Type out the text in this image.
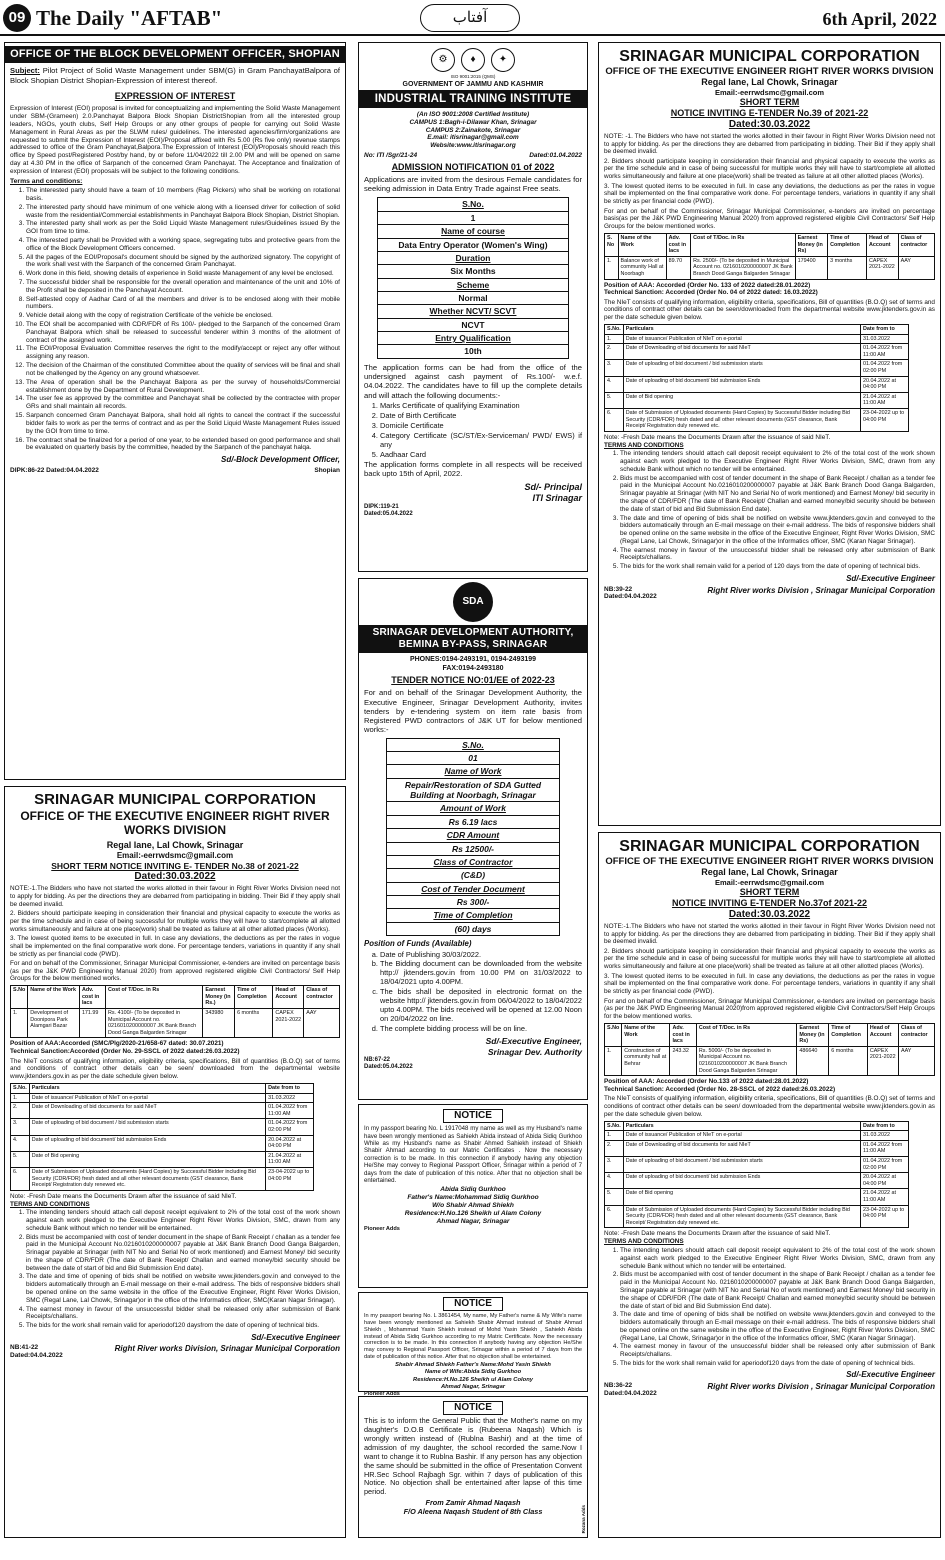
09 The Daily "AFTAB"	آفتاب	6th April, 2022
OFFICE OF THE BLOCK DEVELOPMENT OFFICER, SHOPIAN

Subject: Pilot Project of Solid Waste Management under SBM(G) in Gram PanchayatBalpora of Block Shopian District Shopian-Expression of interest thereof.

EXPRESSION OF INTEREST

Expression of Interest (EOI) proposal is invited for conceptualizing and implementing the Solid Waste Management under SBM-(Grameen) 2.0.Panchayat Balpora Block Shopian DistrictShopian from all the interested group leaders, NGOs, youth clubs, Self Help Groups or any other groups of people for carrying out Solid Waste Management in Rural Areas as per the SLWM rules/ guidelines. The interested agencies/firm/organizations are requested to submit the Expression of Interest (EOI)/Proposal affixed with Rs 5.00 (Rs five only) revenue stamps addressed to office of the Gram Panchayat,Balpora.The Expression of Interest (EOI)/Proposals should reach this office by Speed post/Registered Post/by hand, by or before 11/04/2022 till 2.00 PM and will be opened on same day at 4.30 PM in the office of Sarpanch of the concerned Gram Panchayat. The Acceptance and finalization of expression of Interest (EOI) proposals will be subject to the following conditions.

Terms and conditions:
1. The interested party should have a team of 10 members (Rag Pickers) who shall be working on rotational basis.
2. The interested party should have minimum of one vehicle along with a licensed driver for collection of solid waste from the residential/Commercial establishments in Panchayat Balpora Block Shopian, District Shopian.
3. The interested party shall work as per the Solid Liquid Waste Management rules/Guidelines issued By the GOI from time to time.
4. The interested party shall be Provided with a working space, segregating tubs and protective gears from the office of the Block Development Officers concerned.
5. All the pages of the EOI/Proposal's document should be signed by the authorized signatory. The copyright of the work shall vest with the Sarpanch of the concerned Gram Panchayat.
6. Work done in this field, showing details of experience in Solid waste Management of any level be enclosed.
7. The successful bidder shall be responsible for the overall operation and maintenance of the unit and 10% of the Profit shall be deposited in the Panchayat Account.
8. Self-attested copy of Aadhar Card of all the members and driver is to be enclosed along with their mobile numbers.
9. Vehicle detail along with the copy of registration Certificate of the vehicle be enclosed.
10. The EOI shall be accompanied with CDR/FDR of Rs 100/- pledged to the Sarpanch of the concerned Gram Panchayat Balpora which shall be released to successful tenderer within 3 months of the allotment of contract of the assigned work.
11. The EOI/Proposal Evaluation Committee reserves the right to the modify/accept or reject any offer without assigning any reason.
12. The decision of the Chairman of the constituted Committee about the quality of services will be final and shall not be challenged by the Agency on any ground whatsoever.
13. The Area of operation shall be the Panchayat Balpora as per the survey of households/Commercial establishment done by the Department of Rural Development.
14. The user fee as approved by the committee and Panchayat shall be collected by the contractee with proper GRs and shall maintain all records.
15. Sarpanch concerned Gram Panchayat Balpora, shall hold all rights to cancel the contract if the successful bidder fails to work as per the terms of contract and as per the Solid Liquid Waste Management Rules issued by the GOI from time to time.
16. The contract shall be finalized for a period of one year, to be extended based on good performance and shall be evaluated on quarterly basis by the committee, headed by the Sarpanch of the panchayat halqa.
Sd/-Block Development Officer,
DIPK:86-22 Dated:04.04.2022	Shopian
⚙	♦	✦
ISO 9001:2015 (QMS)
GOVERNMENT OF JAMMU AND KASHMIR
INDUSTRIAL TRAINING INSTITUTE
(An ISO 9001:2008 Certified Institute)
CAMPUS 1:Bagh-i-Dilawar Khan, Srinagar
CAMPUS 2:Zainakote, Srinagar
E.mail: itisrinagar@gmail.com
Website:www.itisrinagar.org
No: ITI /Sgr/21-24	Dated:01.04.2022
ADMISSION NOTIFICATION 01 of 2022

Applications are invited from the desirous Female candidates for seeking admission in Data Entry Trade against Free seats.

S.No.
1
Name of course
Data Entry Operator (Women's Wing)
Duration
Six Months
Scheme
Normal
Whether NCVT/ SCVT
NCVT
Entry Qualification
10th

The application forms can be had from the office of the undersigned against cash payment of Rs.100/- w.e.f. 04.04.2022. The candidates have to fill up the complete details and will attach the following documents:-

1. Marks Certificate of qualifying Examination
2. Date of Birth Certificate
3. Domicile Certificate
4. Category Certificate (SC/ST/Ex-Serviceman/ PWD/ EWS) if any
5. Aadhaar Card

The application forms complete in all respects will be received back upto 15th of April, 2022.

Sd/- Principal
ITI Srinagar
DIPK:119-21
Dated:05.04.2022
SDA
SRINAGAR DEVELOPMENT AUTHORITY, BEMINA BY-PASS, SRINAGAR
PHONES:0194-2493191, 0194-2493199
FAX:0194-2493180
TENDER NOTICE NO:01/EE of 2022-23

For and on behalf of the Srinagar Development Authority, the Executive Engineer, Srinagar Development Authority, invites tenders by e-tendering system on item rate basis from Registered PWD contractors of J&K UT for below mentioned works:-

S.No.
01
Name of Work
Repair/Restoration of SDA Gutted Building at Noorbagh, Srinagar
Amount of Work
Rs 6.19 lacs
CDR Amount
Rs 12500/-
Class of Contractor
(C&D)
Cost of Tender Document
Rs 300/-
Time of Completion
(60) days
Position of Funds (Available)
a. Date of Publishing 30/03/2022.
b. The Bidding document can be downloaded from the website http:// jktenders.gov.in from 10.00 PM on 31/03/2022 to 18/04/2021 upto 4.00PM.
c. The bids shall be deposited in electronic format on the website http:// jktenders.gov.in from 06/04/2022 to 18/04/2022 upto 4.00PM. The bids received will be opened at 12.00 Noon on 20/04/2022 on line.
d. The complete bidding process will be on line.
Sd/-Executive Engineer,
Srinagar Dev. Authority
NB:67-22
Dated:05.04.2022
NOTICE

In my passport bearing No. L 1917048 my name as well as my Husband's name have been wrongly mentioned as Sahiekh Abida instead of Abida Sidiq Gurkhoo While as my Husband's name as Shabir Ahmed Sahiekh instead of Shiekh Shabir Ahmad according to our Matric Certificates . Now the necessary correction is to be made. In this connection if anybody having any objection He/She may convey to Regional Passport Officer, Srinagar within a period of 7 days from the date of publication of this notice. After that no objection shall be entertained.

Abida Sidiq Gurkhoo
Father's Name:Mohammad Sidiq Gurkhoo
W/o Shabir Ahmad Shiekh
Residence:H.No.126 Sheikh ul Alam Colony
Ahmad Nagar, Srinagar
Pioneer Adds
NOTICE

In my passport bearing No. L 3861454, My name, My Father's name & My Wife's name have been wrongly mentioned as Sahiekh Shabir Ahmad instead of Shabir Ahmad Shiekh , Mohammad Yasin Shiekh instead of Mohd Yasin Shiekh , Sahiekh Abida instead of Abida Sidiq Gurkhoo according to my Matric Certificate. Now the necessary correction is to be made. In this connection if anybody having any objection He/She may convey to Regional Passport Officer, Srinagar within a period of 7 days from the date of publication of this notice. After that no objection shall be entertained.

Shabir Ahmad Shiekh Father's Name:Mohd Yasin Shiekh
Name of Wife:Abida Sidiq Gurkhoo
Residence:H.No.126 Sheikh ul Alam Colony
Ahmad Nagar, Srinagar
Pioneer Adds
NOTICE

This is to inform the General Public that the Mother's name on my daughter's D.O.B Certificate is (Rubeena Naqash) Which is wrongly written instead of (Rublna Bashir) and at the time of admission of my daughter, the school recorded the same.Now I want to change it to Rublna Bashir. If any person has any objection the same should be submitted in the office of Presentation Convent HR.Sec School Rajbagh Sgr. within 7 days of publication of this Notice. No objection shall be entertained after lapse of this time period.

From Zamir Ahmad Naqash
F/O Aleena Naqash Student of 8th Class	Rozana Adds
SRINAGAR MUNICIPAL CORPORATION
OFFICE OF THE EXECUTIVE ENGINEER RIGHT RIVER WORKS DIVISION
Regal lane, Lal Chowk, Srinagar
Email:-eerrwdsmc@gmail.com
SHORT TERM NOTICE INVITING E- TENDER No.38 of 2021-22
Dated:30.03.2022

NOTE:-1.The Bidders who have not started the works allotted in their favour in Right River Works Division need not to apply for bidding. As per the directions they are debarred from participating in bidding. Their Bid if they apply shall be deemed invalid.

2. Bidders should participate keeping in consideration their financial and physical capacity to execute the works as per the time schedule and in case of being successful for multiple works they will have to start/complete all allotted works simultaneously and failure at one place(work) shall be treated as failure at all other allotted places (Works).

3. The lowest quoted items to be executed in full. In case any deviations, the deductions as per the rates in vogue shall be implemented on the final comparative work done. For percentage tenders, variations in quantity if any shall be strictly as per financial code (PWD).

For and on behalf of the Commissioner, Srinagar Municipal Commissioner, e-tenders are invited on percentage basis (as per the J&K PWD Engineering Manual 2020) from approved registered eligible Civil Contractors/ Self Help Groups for the below mentioned works.

S.No	Name of the Work	Adv. cost in lacs	Cost of T/Doc. in Rs	Earnest Money (in Rs.)	Time of Completion	Head of Account	Class of contractor
1.	Development of Doonipora Park Alamgari Bazar	171.99	Rs. 4100/- (To be deposited in Municipal Account no. 0216010200000007 JK Bank Branch Dood Ganga Balgarden Srinagar	343980	6 months	CAPEX 2021-2022	AAY
Position of AAA:Accorded (SMC/Plg/2020-21/658-67 dated: 30.07.2021)
Technical Sanction:Accorded (Order No. 29-SSCL of 2022 dated:26.03.2022)

The NIeT consists of qualifying information, eligibility criteria, specifications, Bill of quantities (B.O.Q) set of terms and conditions of contract other details can be seen/ downloaded from the departmental website www.jktenders.gov.in as per the date schedule given below.

S.No.	Particulars	Date from to
1.	Date of issuance/ Publication of NIeT on e-portal	31.03.2022
2.	Date of Downloading of bid documents for said NIeT	01.04.2022 from 11:00 AM
3.	Date of uploading of bid document / bid submission starts	01.04.2022 from 02:00 PM
4.	Date of uploading of bid document/ bid submission Ends	20.04.2022 at 04:00 PM
5.	Date of Bid opening	21.04.2022 at 11:00 AM
6.	Date of Submission of Uploaded documents (Hard Copies) by Successful Bidder including Bid Security (CDR/FDR) fresh dated and all other relevant documents (GST clearance, Bank Receipt/ Registration duly renewed etc.	23-04-2022 up to 04:00 PM
Note: -Fresh Date means the Documents Drawn after the issuance of said NIeT.
TERMS AND CONDITIONS
1. The intending tenders should attach call deposit receipt equivalent to 2% of the total cost of the work shown against each work pledged to the Executive Engineer Right River Works Division, SMC, drawn from any schedule Bank without which no tender will be entertained.
2. Bids must be accompanied with cost of tender document in the shape of Bank Receipt / challan as a tender fee paid in the Municipal Account No.0216010200000007 payable at J&K Bank Branch Dood Ganga Balgarden, Srinagar payable at Srinagar (with NIT No and Serial No of work mentioned) and Earnest Money/ bid security in the shape of CDR/FDR (The date of Bank Receipt/ Challan and earned money/bid security should be between the date of start of bid and Bid Submission End date).
3. The date and time of opening of bids shall be notified on website www.jktenders.gov.in and conveyed to the bidders automatically through an E-mail message on their e-mail address. The bids of responsive bidders shall be opened online on the same website in the office of the Executive Engineer, Right River Works Division, SMC (Regal Lane, Lal Chowk, Srinagar)or in the office of the Informatics officer, SMC(Karan Nagar Srinagar).
4. The earnest money in favour of the unsuccessful bidder shall be released only after submission of Bank Receipts/challans.
5. The bids for the work shall remain valid for aperiodof120 daysfrom the date of opening of technical bids.
Sd/-Executive Engineer
NB:41-22
Dated:04.04.2022
Right River works Division, Srinagar Municipal Corporation
SRINAGAR MUNICIPAL CORPORATION
OFFICE OF THE EXECUTIVE ENGINEER RIGHT RIVER WORKS DIVISION
Regal lane, Lal Chowk, Srinagar
Email:-eerrwdsmc@gmail.com
SHORT TERM
NOTICE INVITING E-TENDER No.39 of 2021-22
Dated:30.03.2022

NOTE: -1. The Bidders who have not started the works allotted in their favour in Right River Works Division need not to apply for bidding. As per the directions they are debarred from participating in bidding. Their Bid if they apply shall be deemed invalid.

2. Bidders should participate keeping in consideration their financial and physical capacity to execute the works as per the time schedule and in case of being successful for multiple works they will have to start/complete all allotted works simultaneously and failure at one place(work) shall be treated as failure at all other allotted places (Works).

3. The lowest quoted items to be executed in full. In case any deviations, the deductions as per the rates in vogue shall be implemented on the final comparative work done. For percentage tenders, variations in quantity if any shall be strictly as per financial code (PWD).

For and on behalf of the Commissioner, Srinagar Municipal Commissioner, e-tenders are invited on percentage basis(as per the J&K PWD Engineering Manual 2020) from approved registered eligible Civil Contractors/ Self Help Groups for the below mentioned works.

S. No	Name of the Work	Adv. cost in lacs	Cost of T/Doc. in Rs	Earnest Money (in Rs)	Time of Completion	Head of Account	Class of contractor
1.	Balance work of community Hall at Noorbagh	89.70	Rs. 2500/- (To be deposited in Municipal Account no. 0216010200000007 JK Bank Branch Dood Ganga Balgarden Srinagar	179400	3 months	CAPEX 2021-2022	AAY
Position of AAA: Accorded (Order No. 133 of 2022 dated:28.01.2022)
Technical Sanction: Accorded (Order No. 04 of 2022 dated: 16.03.2022)

The NIeT consists of qualifying information, eligibility criteria, specifications, Bill of quantities (B.O.Q) set of terms and conditions of contract other details can be seen/downloaded from the departmental website www.jktenders.gov.in as per the date schedule given below.

S.No.	Particulars	Date from to
1.	Date of issuance/ Publication of NIeT on e-portal	31.03.2022
2.	Date of Downloading of bid documents for said NIeT	01.04.2022 from 11:00 AM
3.	Date of uploading of bid document / bid submission starts	01.04.2022 from 02:00 PM
4.	Date of uploading of bid document/ bid submission Ends	20.04.2022 at 04:00 PM
5.	Date of Bid opening	21.04.2022 at 11:00 AM
6.	Date of Submission of Uploaded documents (Hard Copies) by Successful Bidder including Bid Security (CDR/FDR) fresh dated and all other relevant documents (GST clearance, Bank Receipt/ Registration duly renewed etc.	23-04-2022 up to 04:00 PM
Note: -Fresh Date means the Documents Drawn after the issuance of said NIeT.
TERMS AND CONDITIONS
1. The intending tenders should attach call deposit receipt equivalent to 2% of the total cost of the work shown against each work pledged to the Executive Engineer Right River Works Division, SMC, drawn from any schedule Bank without which no tender will be entertained.
2. Bids must be accompanied with cost of tender document in the shape of Bank Receipt / challan as a tender fee paid in the Municipal Account No.0216010200000007 payable at J&K Bank Branch Dood Ganga Balgarden, Srinagar payable at Srinagar (with NIT No and Serial No of work mentioned) and Earnest Money/ bid security in the shape of CDR/FDR (The date of Bank Receipt/ Challan and earned money/bid security should be between the date of start of bid and Bid Submission End date).
3. The date and time of opening of bids shall be notified on website www.jktenders.gov.in and conveyed to the bidders automatically through an E-mail message on their e-mail address. The bids of responsive bidders shall be opened online on the same website in the office of the Executive Engineer, Right River Works Division, SMC (Regal Lane, Lal Chowk, Srinagar)or in the office of the Informatics officer, SMC (Karan Nagar Srinagar).
4. The earnest money in favour of the unsuccessful bidder shall be released only after submission of Bank Receipts/challans.
5. The bids for the work shall remain valid for a period of 120 days from the date of opening of technical bids.
Sd/-Executive Engineer
NB:39-22
Dated:04.04.2022
Right River works Division , Srinagar Municipal Corporation
SRINAGAR MUNICIPAL CORPORATION
OFFICE OF THE EXECUTIVE ENGINEER RIGHT RIVER WORKS DIVISION
Regal lane, Lal Chowk, Srinagar
Email:-eerrwdsmc@gmail.com
SHORT TERM
NOTICE INVITING E-TENDER No.37of 2021-22
Dated:30.03.2022

NOTE:-1.The Bidders who have not started the works allotted in their favour in Right River Works Division need not to apply for bidding. As per the directions they are debarred from participating in bidding. Their Bid if they apply shall be deemed invalid.

2. Bidders should participate keeping in consideration their financial and physical capacity to execute the works as per the time schedule and in case of being successful for multiple works they will have to start/complete all allotted works simultaneously and failure at one place(work) shall be treated as failure at all other allotted places (Works).

3. The lowest quoted items to be executed in full. In case any deviations, the deductions as per the rates in vogue shall be implemented on the final comparative work done. For percentage tenders, variations in quantity if any shall be strictly as per financial code (PWD).

For and on behalf of the Commissioner, Srinagar Municipal Commissioner, e-tenders are invited on percentage basis (as per the J&K PWD Engineering Manual 2020)from approved registered eligible Civil Contractors/Self Help Groups for the below mentioned works.

S.No	Name of the Work	Adv. cost in lacs	Cost of T/Doc. in Rs	Earnest Money (in Rs)	Time of Completion	Head of Account	Class of contractor
1.	Construction of community hall at Behrar	243.32	Rs. 5000/- (To be deposited in Municipal Account no. 0216010200000007 JK Bank Branch Dood Ganga Balgarden Srinagar	486640	6 months	CAPEX 2021-2022	AAY
Position of AAA: Accorded (Order No.133 of 2022 dated:28.01.2022)
Technical Sanction: Accorded (Order No. 28-SSCL of 2022 dated:26.03.2022)

The NIeT consists of qualifying information, eligibility criteria, specifications, Bill of quantities (B.O.Q) set of terms and conditions of contract other details can be seen/ downloaded from the departmental website www.jktenders.gov.in as per the date schedule given below.

S.No.	Particulars	Date from to
1.	Date of issuance/ Publication of NIeT on e-portal	31.03.2022
2.	Date of Downloading of bid documents for said NIeT	01.04.2022 from 11:00 AM
3.	Date of uploading of bid document / bid submission starts	01.04.2022 from 02:00 PM
4.	Date of uploading of bid document/ bid submission Ends	20.04.2022 at 04:00 PM
5.	Date of Bid opening	21.04.2022 at 11:00 AM
6.	Date of Submission of Uploaded documents (Hard Copies) by Successful Bidder including Bid Security (CDR/FDR) fresh dated and all other relevant documents (GST clearance, Bank Receipt/ Registration duly renewed etc.	23-04-2022 up to 04:00 PM
Note: -Fresh Date means the Documents Drawn after the issuance of said NIeT.
TERMS AND CONDITIONS
1. The intending tenders should attach call deposit receipt equivalent to 2% of the total cost of the work shown against each work pledged to the Executive Engineer Right River Works Division, SMC, drawn from any schedule Bank without which no tender will be entertained.
2. Bids must be accompanied with cost of tender document in the shape of Bank Receipt / challan as a tender fee paid in the Municipal Account No. 0216010200000007 payable at J&K Bank Branch Dood Ganga Balgarden, Srinagar payable at Srinagar (with NIT No and Serial No of work mentioned) and Earnest Money/ bid security in the shape of CDR/FDR (The date of Bank Receipt/ Challan and earned money/bid security should be between the date of start of bid and Bid Submission End date).
3. The date and time of opening of bids shall be notified on website www.jktenders.gov.in and conveyed to the bidders automatically through an E-mail message on their e-mail address. The bids of responsive bidders shall be opened online on the same website in the office of the Executive Engineer, Right River Works Division, SMC (Regal Lane, Lal Chowk, Srinagar)or in the office of the Informatics officer, SMC (Karan Nagar Srinagar).
4. The earnest money in favour of the unsuccessful bidder shall be released only after submission of Bank Receipts/challans.
5. The bids for the work shall remain valid for aperiodof120 days from the date of opening of technical bids.
Sd/-Executive Engineer
NB:36-22
Dated:04.04.2022
Right River works Division , Srinagar Municipal Corporation
